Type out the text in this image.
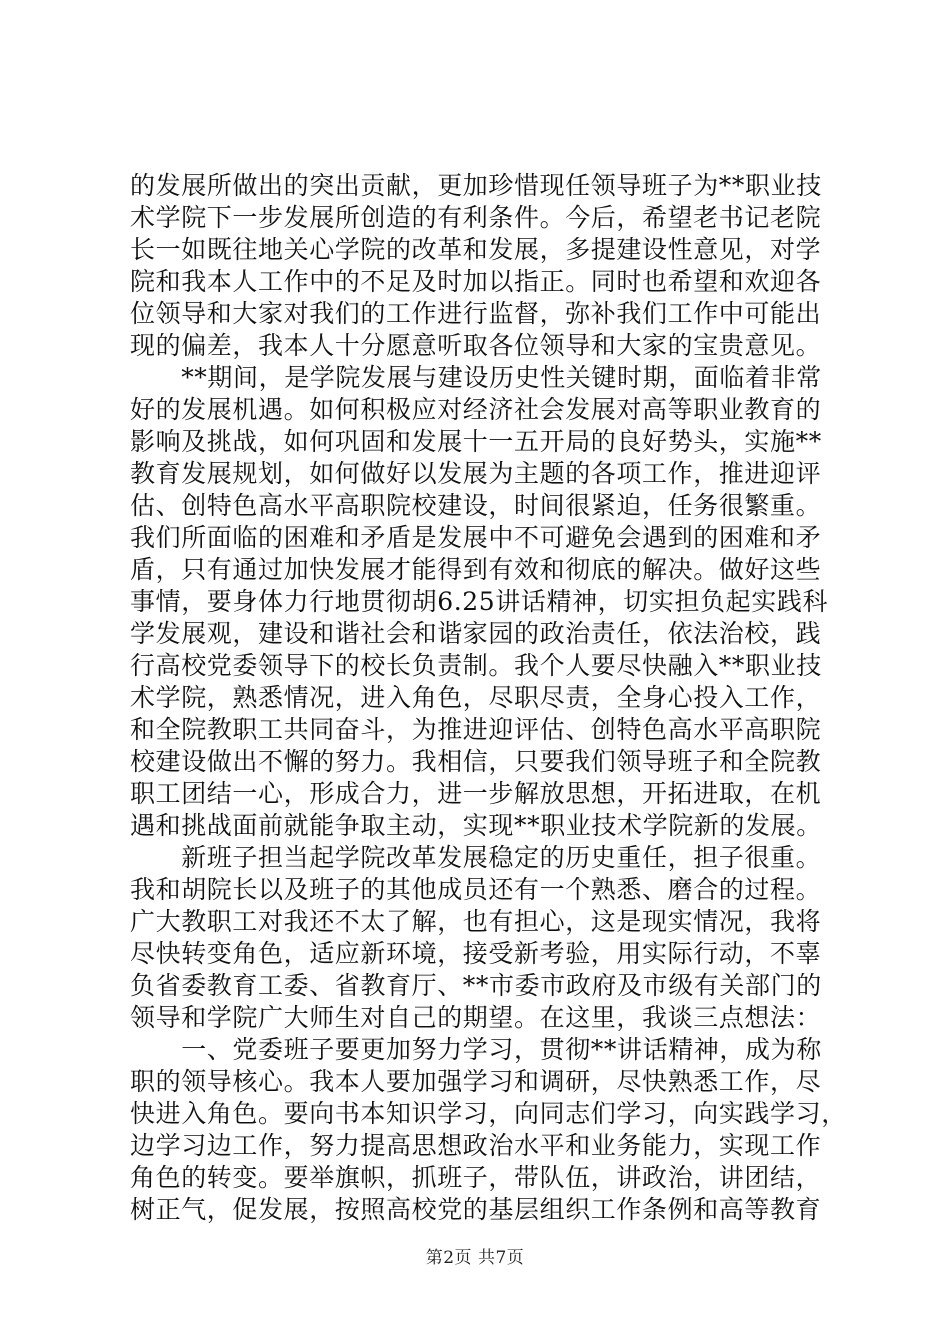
的发展所做出的突出贡献，更加珍惜现任领导班子为**职业技
术学院下一步发展所创造的有利条件。今后，希望老书记老院
长一如既往地关心学院的改革和发展，多提建设性意见，对学
院和我本人工作中的不足及时加以指正。同时也希望和欢迎各
位领导和大家对我们的工作进行监督，弥补我们工作中可能出
现的偏差，我本人十分愿意听取各位领导和大家的宝贵意见。
　　**期间，是学院发展与建设历史性关键时期，面临着非常
好的发展机遇。如何积极应对经济社会发展对高等职业教育的
影响及挑战，如何巩固和发展十一五开局的良好势头，实施**
教育发展规划，如何做好以发展为主题的各项工作，推进迎评
估、创特色高水平高职院校建设，时间很紧迫，任务很繁重。
我们所面临的困难和矛盾是发展中不可避免会遇到的困难和矛
盾，只有通过加快发展才能得到有效和彻底的解决。做好这些
事情，要身体力行地贯彻胡6.25讲话精神，切实担负起实践科
学发展观，建设和谐社会和谐家园的政治责任，依法治校，践
行高校党委领导下的校长负责制。我个人要尽快融入**职业技
术学院，熟悉情况，进入角色，尽职尽责，全身心投入工作，
和全院教职工共同奋斗，为推进迎评估、创特色高水平高职院
校建设做出不懈的努力。我相信，只要我们领导班子和全院教
职工团结一心，形成合力，进一步解放思想，开拓进取，在机
遇和挑战面前就能争取主动，实现**职业技术学院新的发展。
　　新班子担当起学院改革发展稳定的历史重任，担子很重。
我和胡院长以及班子的其他成员还有一个熟悉、磨合的过程。
广大教职工对我还不太了解，也有担心，这是现实情况，我将
尽快转变角色，适应新环境，接受新考验，用实际行动，不辜
负省委教育工委、省教育厅、**市委市政府及市级有关部门的
领导和学院广大师生对自己的期望。在这里，我谈三点想法：
　　一、党委班子要更加努力学习，贯彻**讲话精神，成为称
职的领导核心。我本人要加强学习和调研，尽快熟悉工作，尽
快进入角色。要向书本知识学习，向同志们学习，向实践学习，
边学习边工作，努力提高思想政治水平和业务能力，实现工作
角色的转变。要举旗帜，抓班子，带队伍，讲政治，讲团结，
树正气，促发展，按照高校党的基层组织工作条例和高等教育
第2页 共7页
